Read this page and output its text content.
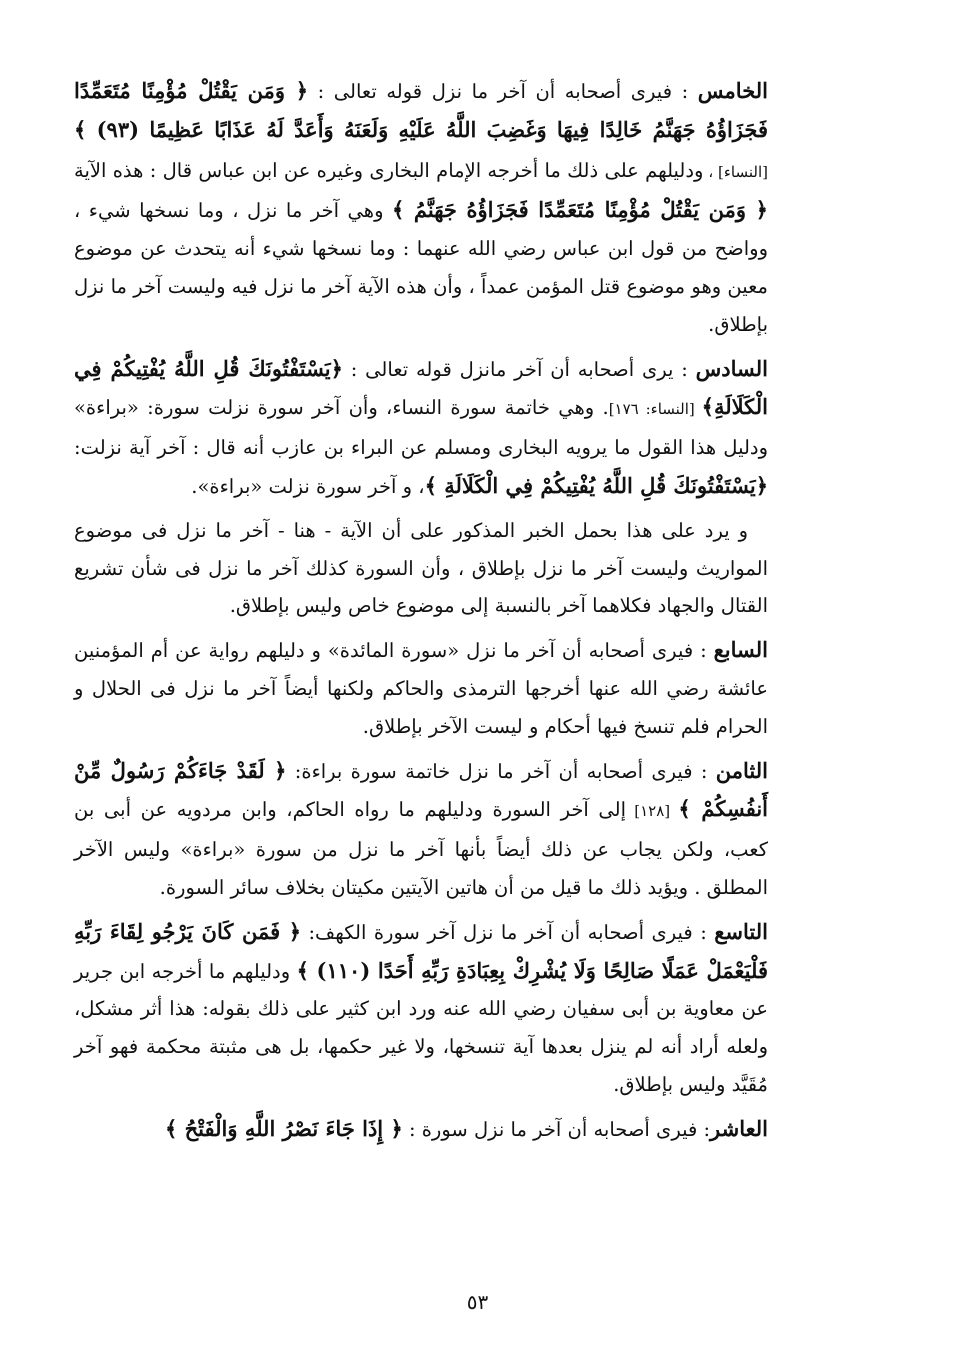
الخامس : فيرى أصحابه أن آخر ما نزل قوله تعالى : ﴿ وَمَن يَقْتُلْ مُؤْمِنًا مُتَعَمِّدًا فَجَزَاؤُهُ جَهَنَّمُ خَالِدًا فِيهَا وَغَضِبَ اللَّهُ عَلَيْهِ وَلَعَنَهُ وَأَعَدَّ لَهُ عَذَابًا عَظِيمًا (٩٣) ﴾ [النساء] ، ودليلهم على ذلك ما أخرجه الإمام البخارى وغيره عن ابن عباس قال : هذه الآية ﴿ وَمَن يَقْتُلْ مُؤْمِنًا مُتَعَمِّدًا فَجَزَاؤُهُ جَهَنَّمُ ﴾ وهي آخر ما نزل ، وما نسخها شيء ، وواضح من قول ابن عباس رضي الله عنهما : وما نسخها شيء أنه يتحدث عن موضوع معين وهو موضوع قتل المؤمن عمداً ، وأن هذه الآية آخر ما نزل فيه وليست آخر ما نزل بإطلاق.

السادس : يرى أصحابه أن آخر مانزل قوله تعالى : ﴿يَسْتَفْتُونَكَ قُلِ اللَّهُ يُفْتِيكُمْ فِي الْكَلَالَةِ﴾ [النساء: ١٧٦]. وهي خاتمة سورة النساء، وأن آخر سورة نزلت سورة: «براءة» ودليل هذا القول ما يرويه البخارى ومسلم عن البراء بن عازب أنه قال : آخر آية نزلت: ﴿يَسْتَفْتُونَكَ قُلِ اللَّهُ يُفْتِيكُمْ فِي الْكَلَالَةِ ﴾، و آخر سورة نزلت «براءة».

و يرد على هذا بحمل الخبر المذكور على أن الآية - هنا - آخر ما نزل فى موضوع المواريث وليست آخر ما نزل بإطلاق ، وأن السورة كذلك آخر ما نزل فى شأن تشريع القتال والجهاد فكلاهما آخر بالنسبة إلى موضوع خاص وليس بإطلاق.

السابع : فيرى أصحابه أن آخر ما نزل «سورة المائدة» و دليلهم رواية عن أم المؤمنين عائشة رضي الله عنها أخرجها الترمذى والحاكم ولكنها أيضاً آخر ما نزل فى الحلال و الحرام فلم تنسخ فيها أحكام و ليست الآخر بإطلاق.

الثامن : فيرى أصحابه أن آخر ما نزل خاتمة سورة براءة: ﴿ لَقَدْ جَاءَكُمْ رَسُولٌ مِّنْ أَنفُسِكُمْ ﴾ [١٢٨] إلى آخر السورة ودليلهم ما رواه الحاكم، وابن مردويه عن أبى بن كعب، ولكن يجاب عن ذلك أيضاً بأنها آخر ما نزل من سورة «براءة» وليس الآخر المطلق . ويؤيد ذلك ما قيل من أن هاتين الآيتين مكيتان بخلاف سائر السورة.

التاسع : فيرى أصحابه أن آخر ما نزل آخر سورة الكهف: ﴿ فَمَن كَانَ يَرْجُو لِقَاءَ رَبِّهِ فَلْيَعْمَلْ عَمَلًا صَالِحًا وَلَا يُشْرِكْ بِعِبَادَةِ رَبِّهِ أَحَدًا (١١٠) ﴾ ودليلهم ما أخرجه ابن جرير عن معاوية بن أبى سفيان رضي الله عنه ورد ابن كثير على ذلك بقوله: هذا أثر مشكل، ولعله أراد أنه لم ينزل بعدها آية تنسخها، ولا غير حكمها، بل هى مثبتة محكمة فهو آخر مُقَيَّد وليس بإطلاق.

العاشر: فيرى أصحابه أن آخر ما نزل سورة : ﴿ إِذَا جَاءَ نَصْرُ اللَّهِ وَالْفَتْحُ ﴾

٥٣
